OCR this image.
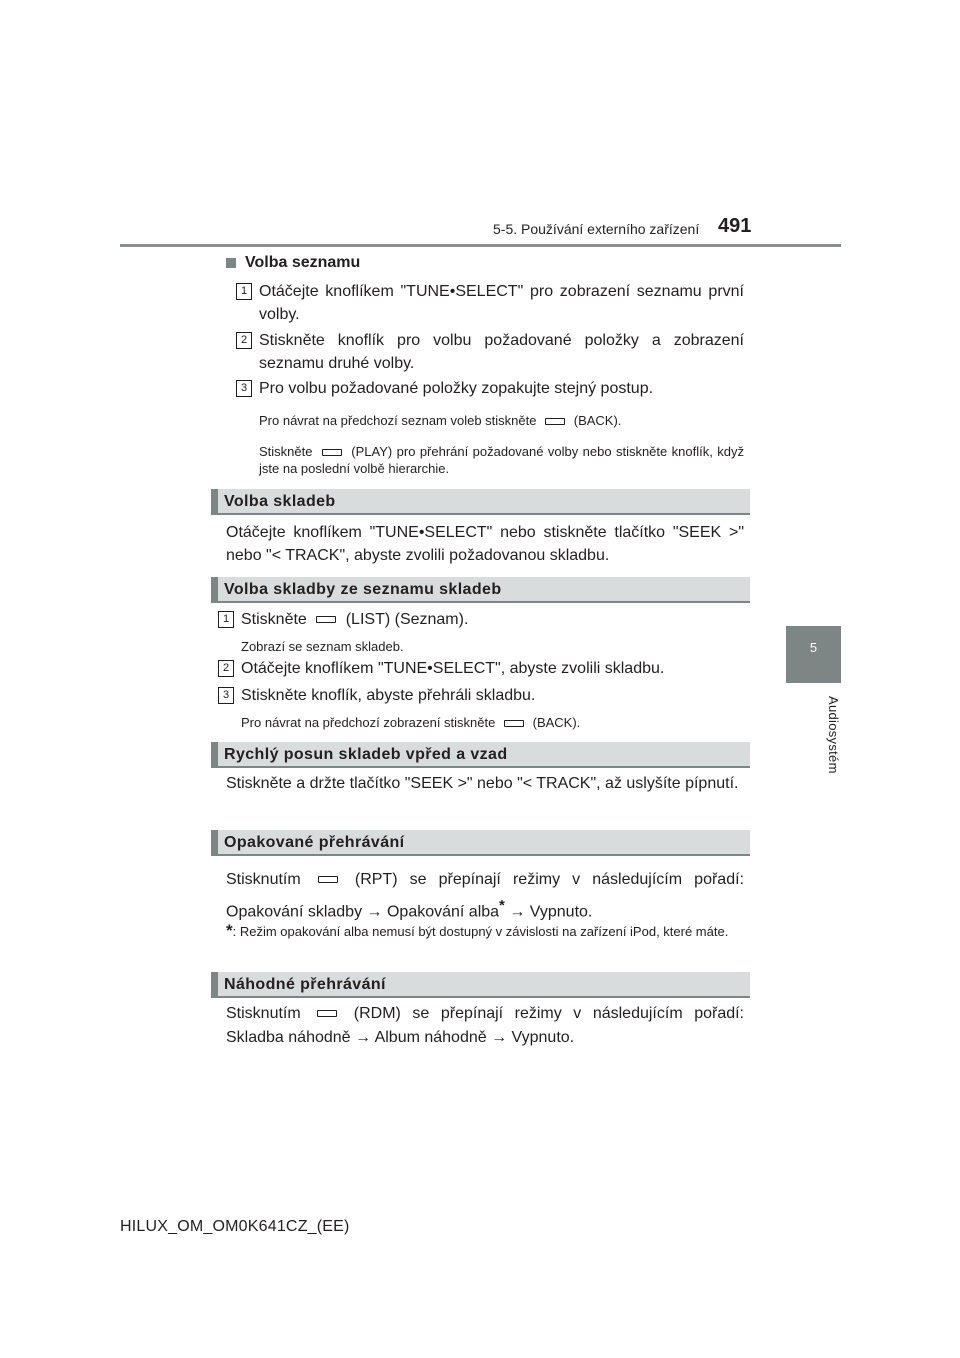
5-5. Používání externího zařízení 491
5
Audiosystém
Volba seznamu
1 Otáčejte knoflíkem "TUNE•SELECT" pro zobrazení seznamu první volby.
2 Stiskněte knoflík pro volbu požadované položky a zobrazení seznamu druhé volby.
3 Pro volbu požadované položky zopakujte stejný postup.
Pro návrat na předchozí seznam voleb stiskněte	(BACK).
Stiskněte	(PLAY) pro přehrání požadované volby nebo stiskněte knoflík, když jste na poslední volbě hierarchie.
Volba skladeb
Otáčejte knoflíkem "TUNE•SELECT" nebo stiskněte tlačítko "SEEK >" nebo "< TRACK", abyste zvolili požadovanou skladbu.
Volba skladby ze seznamu skladeb
1 Stiskněte (LIST) (Seznam).
Zobrazí se seznam skladeb.
2 Otáčejte knoflíkem "TUNE•SELECT", abyste zvolili skladbu.
3 Stiskněte knoflík, abyste přehráli skladbu.
Pro návrat na předchozí zobrazení stiskněte	(BACK).
Rychlý posun skladeb vpřed a vzad
Stiskněte a držte tlačítko "SEEK >" nebo "< TRACK", až uslyšíte pípnutí.
Opakované přehrávání
Stisknutím	(RPT) se přepínají režimy v následujícím pořadí: Opakování skladby → Opakování alba* → Vypnuto.
*: Režim opakování alba nemusí být dostupný v závislosti na zařízení iPod, které máte.
Náhodné přehrávání
Stisknutím	(RDM) se přepínají režimy v následujícím pořadí: Skladba náhodně → Album náhodně → Vypnuto.
HILUX_OM_OM0K641CZ_(EE)
